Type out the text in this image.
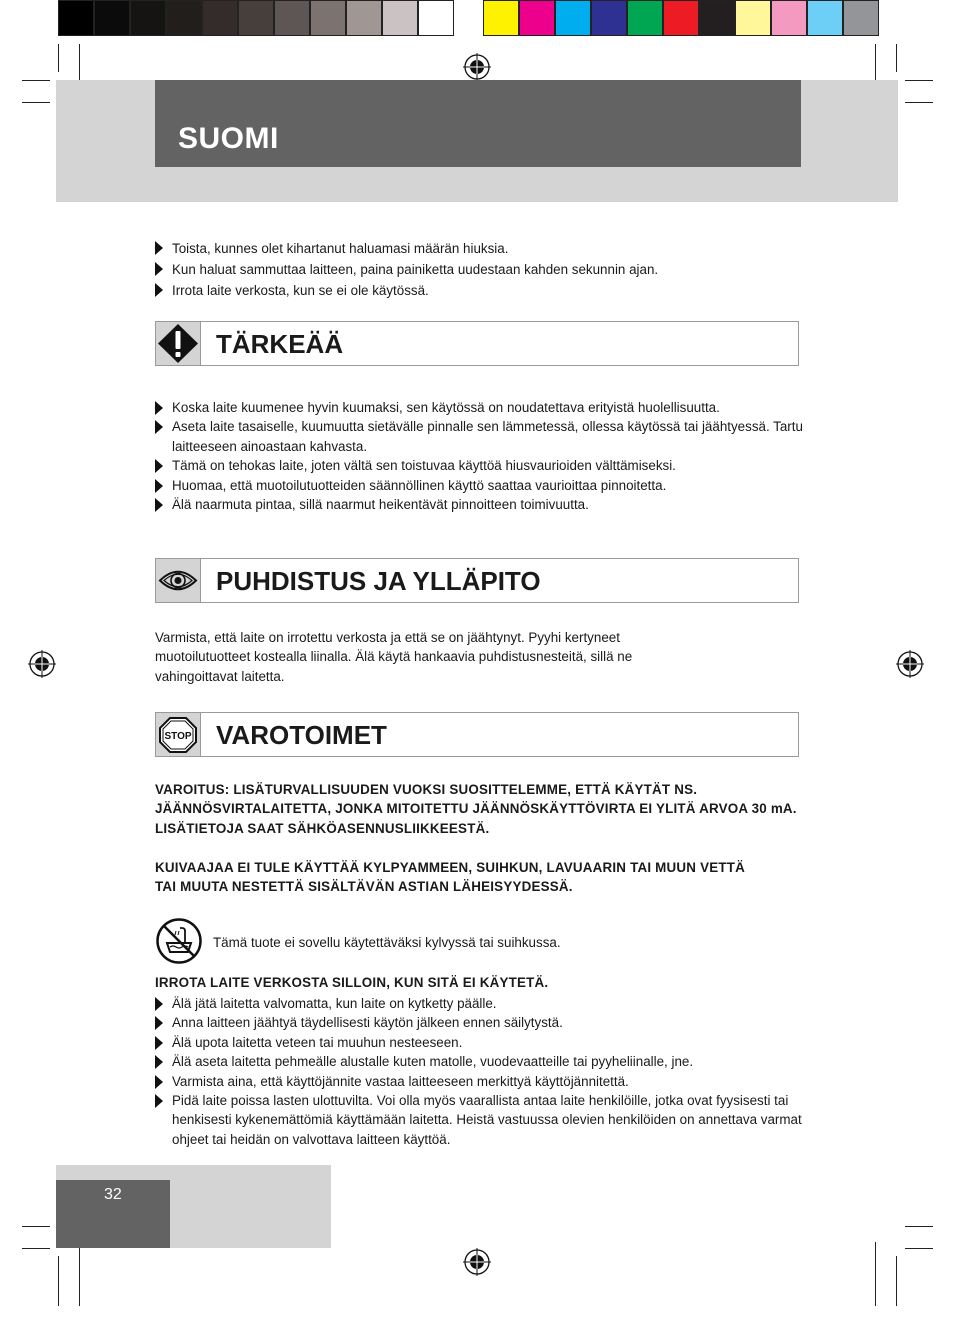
SUOMI
Toista, kunnes olet kihartanut haluamasi määrän hiuksia.
Kun haluat sammuttaa laitteen, paina painiketta uudestaan kahden sekunnin ajan.
Irrota laite verkosta, kun se ei ole käytössä.
TÄRKEÄÄ
Koska laite kuumenee hyvin kuumaksi, sen käytössä on noudatettava erityistä huolellisuutta.
Aseta laite tasaiselle, kuumuutta sietävälle pinnalle sen lämmetessä, ollessa käytössä tai jäähtyessä. Tartu laitteeseen ainoastaan kahvasta.
Tämä on tehokas laite, joten vältä sen toistuvaa käyttöä hiusvaurioiden välttämiseksi.
Huomaa, että muotoilutuotteiden säännöllinen käyttö saattaa vaurioittaa pinnoitetta.
Älä naarmuta pintaa, sillä naarmut heikentävät pinnoitteen toimivuutta.
PUHDISTUS JA YLLÄPITO

Varmista, että laite on irrotettu verkosta ja että se on jäähtynyt. Pyyhi kertyneet muotoilutuotteet kostealla liinalla. Älä käytä hankaavia puhdistusnesteitä, sillä ne vahingoittavat laitetta.

STOP VAROTOIMET

VAROITUS: LISÄTURVALLISUUDEN VUOKSI SUOSITTELEMME, ETTÄ KÄYTÄT NS. JÄÄNNÖSVIRTALAITETTA, JONKA MITOITETTU JÄÄNNÖSKÄYTTÖVIRTA EI YLITÄ ARVOA 30 mA. LISÄTIETOJA SAAT SÄHKÖASENNUSLIIKKEESTÄ.

KUIVAAJAA EI TULE KÄYTTÄÄ KYLPYAMMEEN, SUIHKUN, LAVUAARIN TAI MUUN VETTÄ TAI MUUTA NESTETTÄ SISÄLTÄVÄN ASTIAN LÄHEISYYDESSÄ.

Tämä tuote ei sovellu käytettäväksi kylvyssä tai suihkussa.

IRROTA LAITE VERKOSTA SILLOIN, KUN SITÄ EI KÄYTETÄ.

Älä jätä laitetta valvomatta, kun laite on kytketty päälle.
Anna laitteen jäähtyä täydellisesti käytön jälkeen ennen säilytystä.
Älä upota laitetta veteen tai muuhun nesteeseen.
Älä aseta laitetta pehmeälle alustalle kuten matolle, vuodevaatteille tai pyyheliinalle, jne.
Varmista aina, että käyttöjännite vastaa laitteeseen merkittyä käyttöjännitettä.
Pidä laite poissa lasten ulottuvilta. Voi olla myös vaarallista antaa laite henkilöille, jotka ovat fyysisesti tai henkisesti kykenemättömiä käyttämään laitetta. Heistä vastuussa olevien henkilöiden on annettava varmat ohjeet tai heidän on valvottava laitteen käyttöä.
32
